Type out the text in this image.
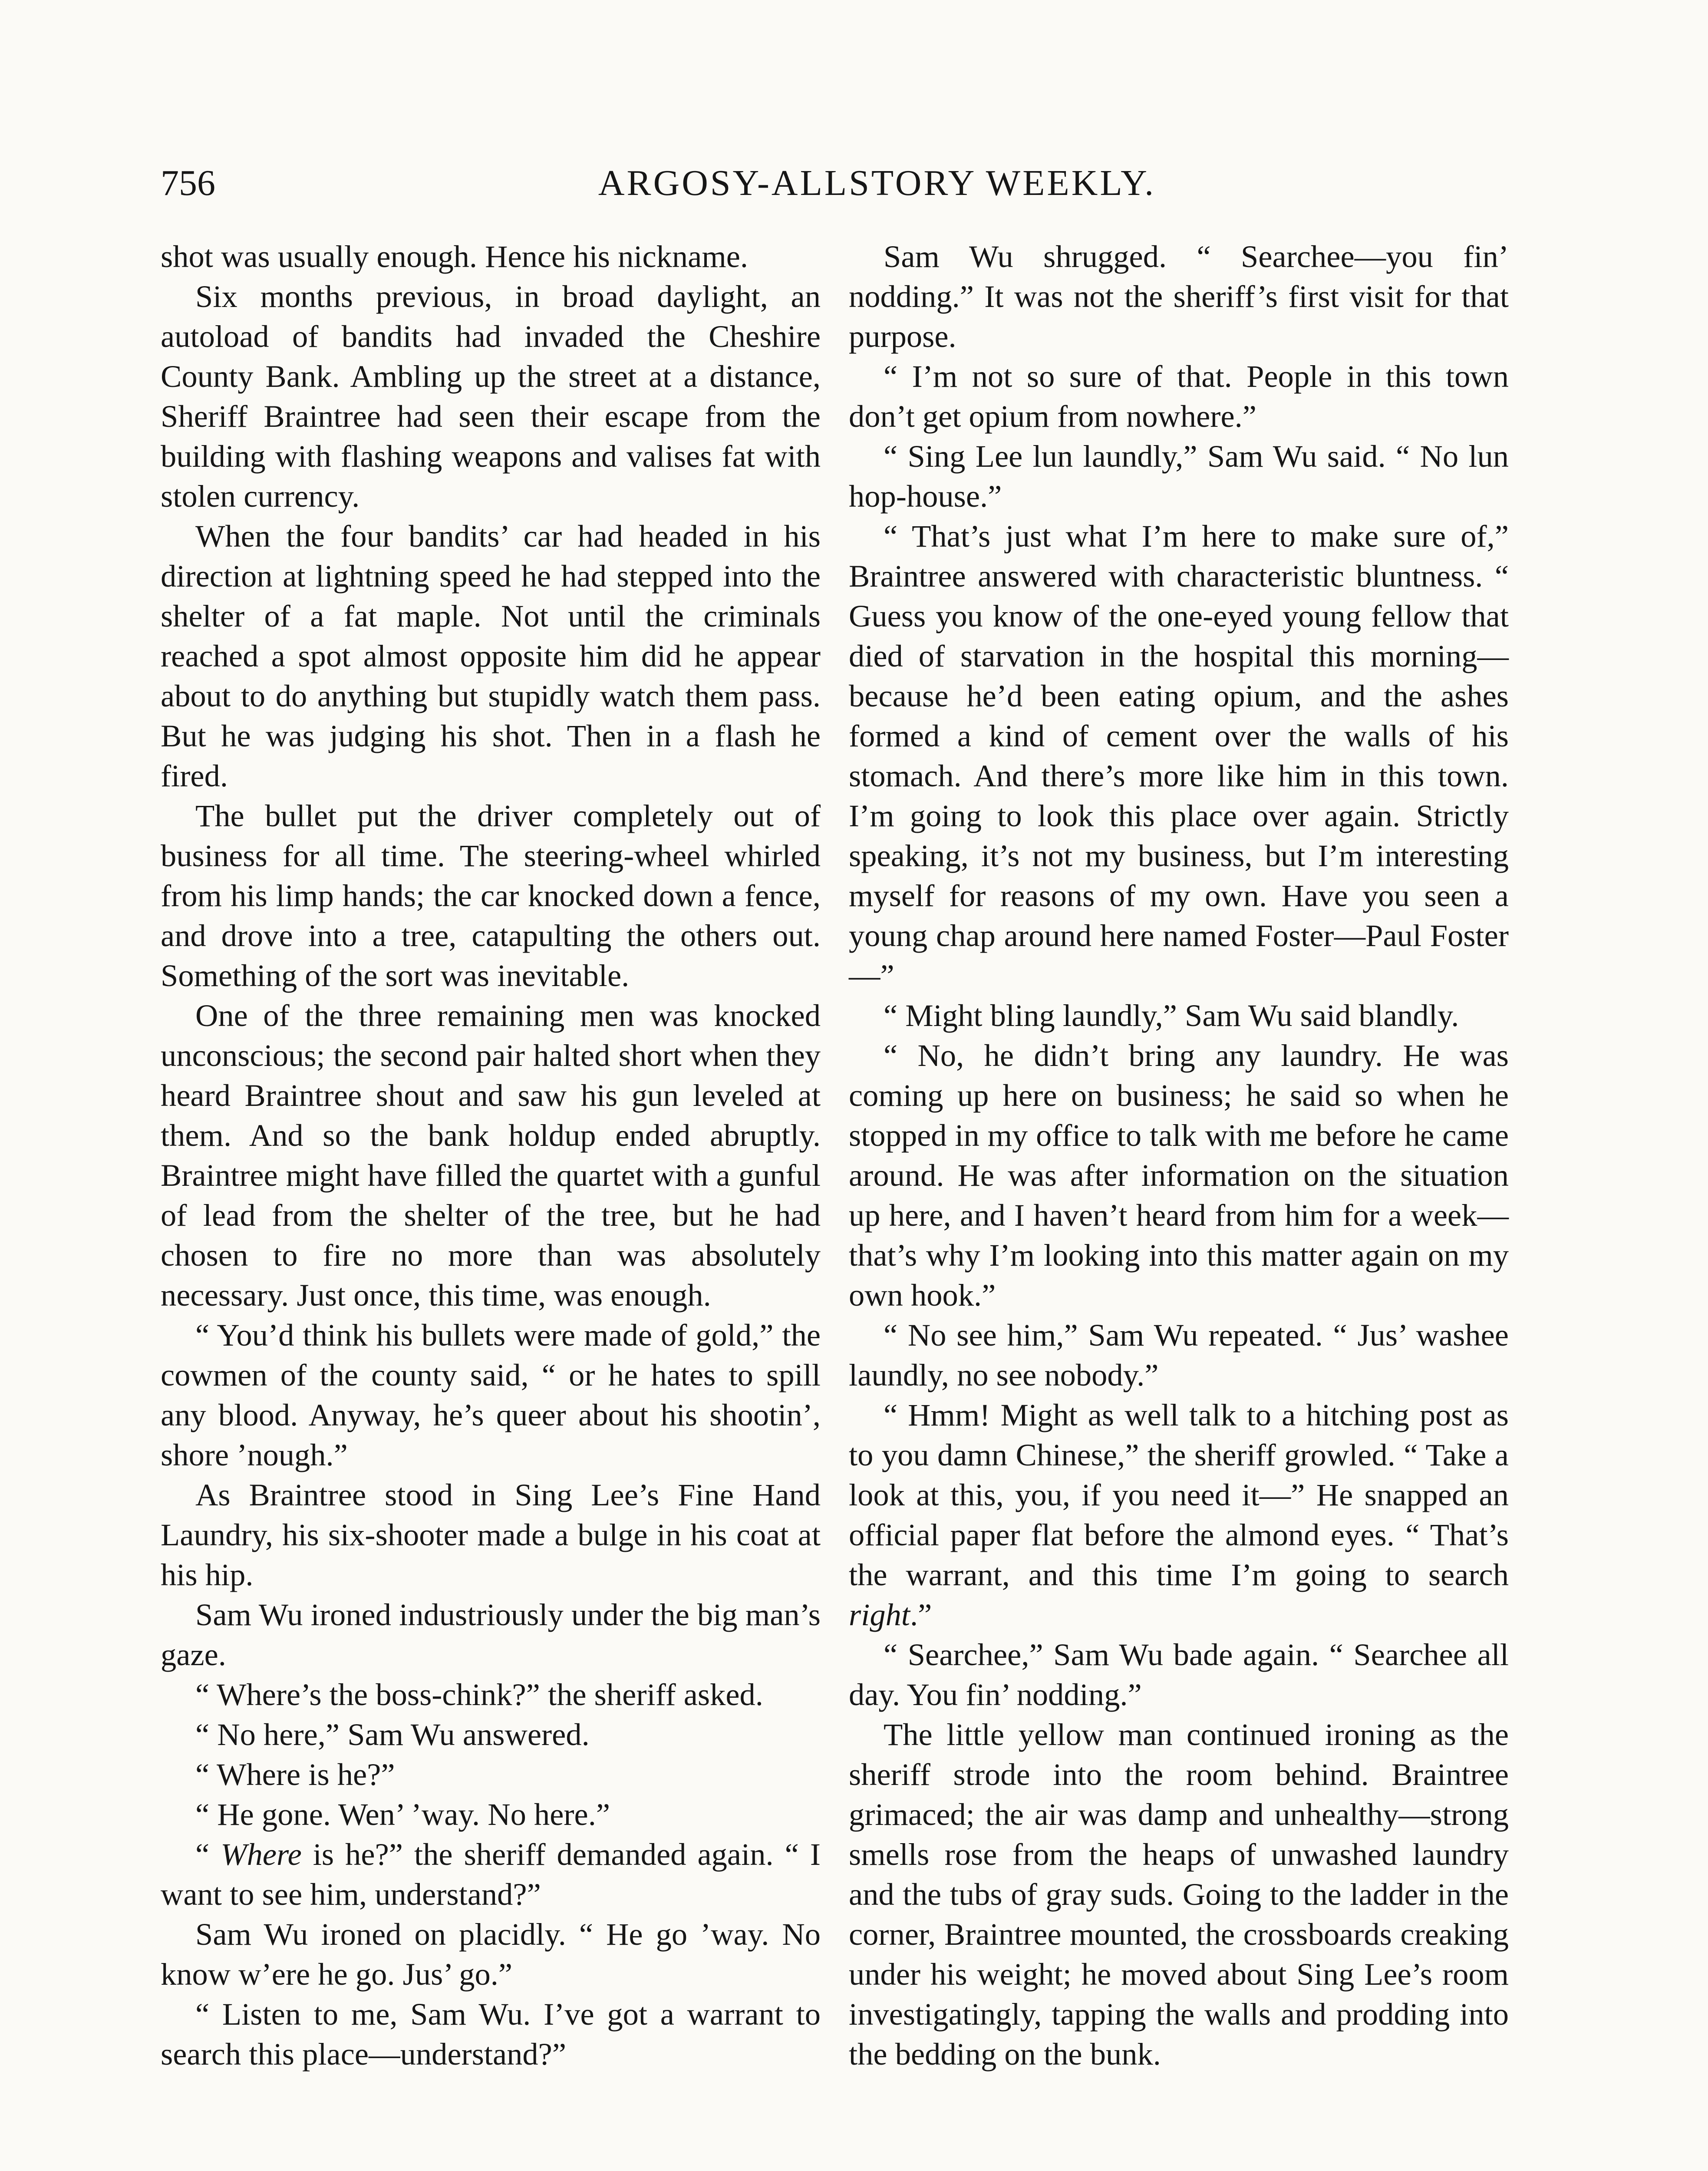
756	ARGOSY-ALLSTORY WEEKLY.

shot was usually enough. Hence his nickname.

Six months previous, in broad daylight, an autoload of bandits had invaded the Cheshire County Bank. Ambling up the street at a distance, Sheriff Braintree had seen their escape from the building with flashing weapons and valises fat with stolen currency.

When the four bandits’ car had headed in his direction at lightning speed he had stepped into the shelter of a fat maple. Not until the criminals reached a spot almost opposite him did he appear about to do anything but stupidly watch them pass. But he was judging his shot. Then in a flash he fired.

The bullet put the driver completely out of business for all time. The steering-wheel whirled from his limp hands; the car knocked down a fence, and drove into a tree, catapulting the others out. Something of the sort was inevitable.

One of the three remaining men was knocked unconscious; the second pair halted short when they heard Braintree shout and saw his gun leveled at them. And so the bank holdup ended abruptly. Braintree might have filled the quartet with a gunful of lead from the shelter of the tree, but he had chosen to fire no more than was absolutely necessary. Just once, this time, was enough.

“ You’d think his bullets were made of gold,” the cowmen of the county said, “ or he hates to spill any blood. Anyway, he’s queer about his shootin’, shore ’nough.”

As Braintree stood in Sing Lee’s Fine Hand Laundry, his six-shooter made a bulge in his coat at his hip.

Sam Wu ironed industriously under the big man’s gaze.

“ Where’s the boss-chink?” the sheriff asked.

“ No here,” Sam Wu answered.

“ Where is he?”

“ He gone. Wen’ ’way. No here.”

“ Where is he?” the sheriff demanded again. “ I want to see him, understand?”

Sam Wu ironed on placidly. “ He go ’way. No know w’ere he go. Jus’ go.”

“ Listen to me, Sam Wu. I’ve got a warrant to search this place—understand?”

Sam Wu shrugged. “ Searchee—you fin’ nodding.” It was not the sheriff’s first visit for that purpose.

“ I’m not so sure of that. People in this town don’t get opium from nowhere.”

“ Sing Lee lun laundly,” Sam Wu said. “ No lun hop-house.”

“ That’s just what I’m here to make sure of,” Braintree answered with characteristic bluntness. “ Guess you know of the one-eyed young fellow that died of starvation in the hospital this morning—because he’d been eating opium, and the ashes formed a kind of cement over the walls of his stomach. And there’s more like him in this town. I’m going to look this place over again. Strictly speaking, it’s not my business, but I’m interesting myself for reasons of my own. Have you seen a young chap around here named Foster—Paul Foster—”

“ Might bling laundly,” Sam Wu said blandly.

“ No, he didn’t bring any laundry. He was coming up here on business; he said so when he stopped in my office to talk with me before he came around. He was after information on the situation up here, and I haven’t heard from him for a week—that’s why I’m looking into this matter again on my own hook.”

“ No see him,” Sam Wu repeated. “ Jus’ washee laundly, no see nobody.”

“ Hmm! Might as well talk to a hitching post as to you damn Chinese,” the sheriff growled. “ Take a look at this, you, if you need it—” He snapped an official paper flat before the almond eyes. “ That’s the warrant, and this time I’m going to search right.”

“ Searchee,” Sam Wu bade again. “ Searchee all day. You fin’ nodding.”

The little yellow man continued ironing as the sheriff strode into the room behind. Braintree grimaced; the air was damp and unhealthy—strong smells rose from the heaps of unwashed laundry and the tubs of gray suds. Going to the ladder in the corner, Braintree mounted, the crossboards creaking under his weight; he moved about Sing Lee’s room investigatingly, tapping the walls and prodding into the bedding on the bunk.
